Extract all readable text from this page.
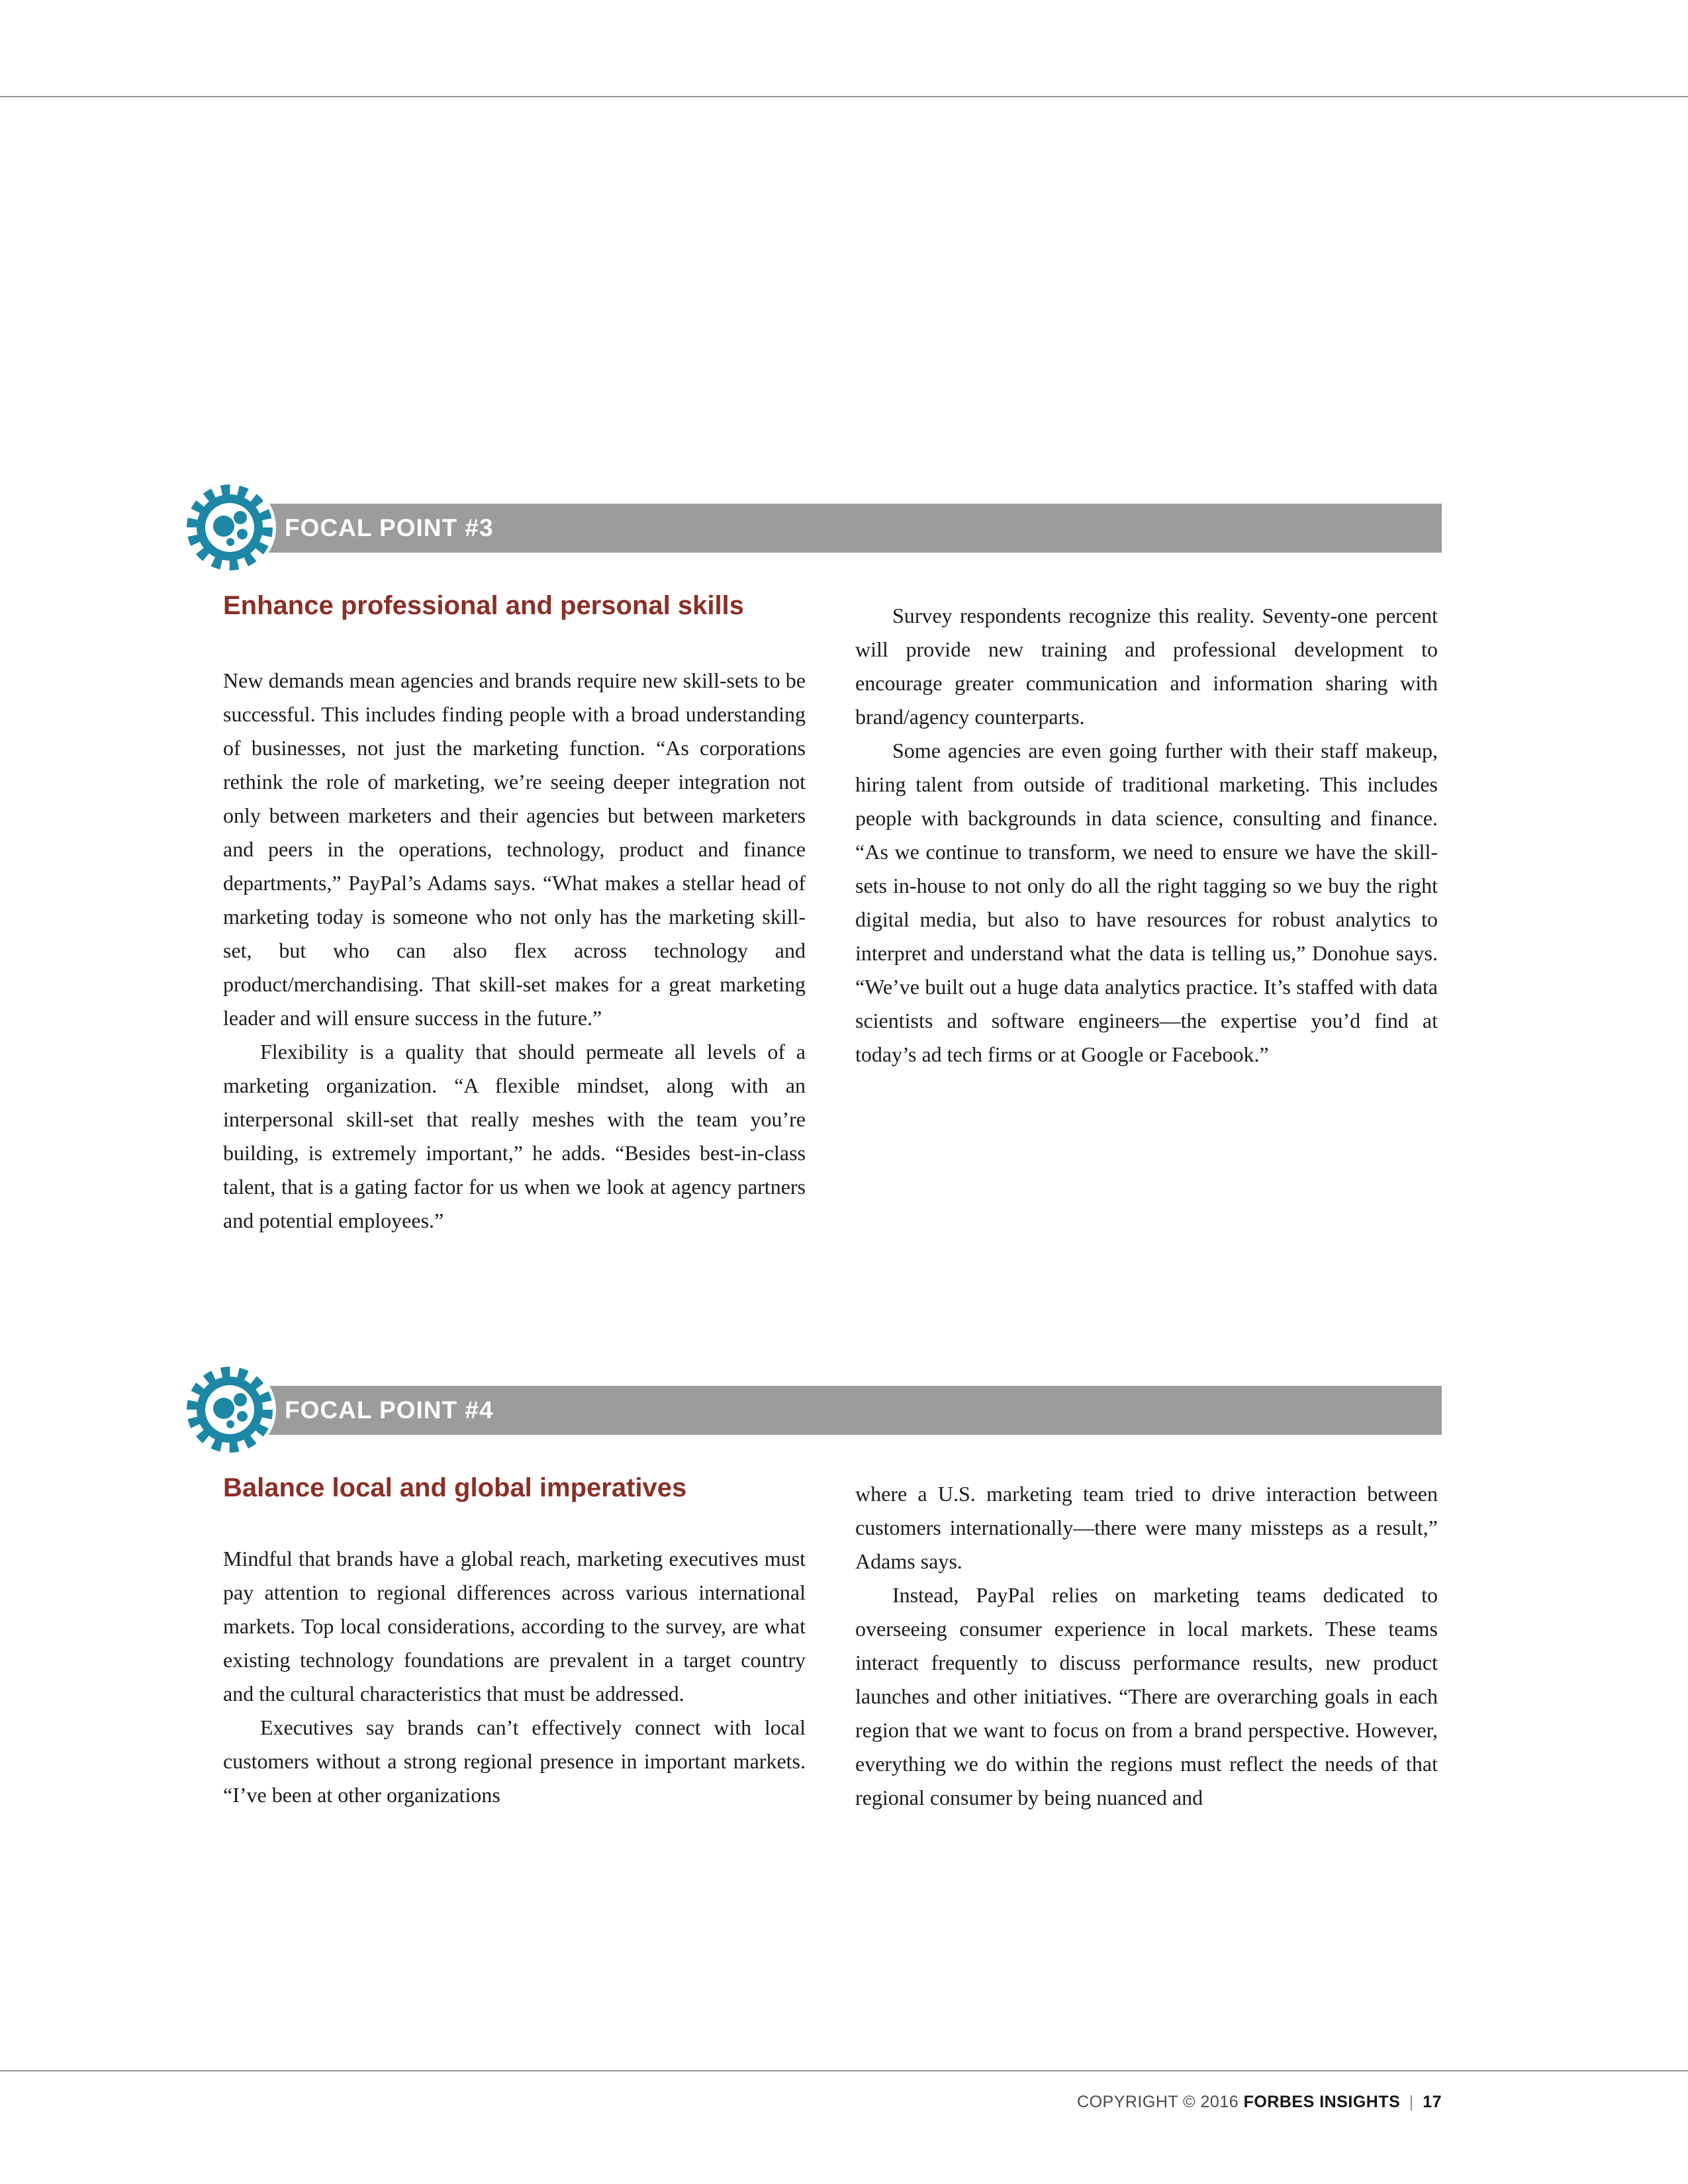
FOCAL POINT #3
Enhance professional and personal skills

New demands mean agencies and brands require new skill-sets to be successful. This includes finding people with a broad understanding of businesses, not just the marketing function. “As corporations rethink the role of marketing, we’re seeing deeper integration not only between marketers and their agencies but between marketers and peers in the operations, technology, product and finance departments,” PayPal’s Adams says. “What makes a stellar head of marketing today is someone who not only has the marketing skill-set, but who can also flex across technology and product/merchandising. That skill-set makes for a great marketing leader and will ensure success in the future.”

Flexibility is a quality that should permeate all levels of a marketing organization. “A flexible mindset, along with an interpersonal skill-set that really meshes with the team you’re building, is extremely important,” he adds. “Besides best-in-class talent, that is a gating factor for us when we look at agency partners and potential employees.”

Survey respondents recognize this reality. Seventy-one percent will provide new training and professional development to encourage greater communication and information sharing with brand/agency counterparts.

Some agencies are even going further with their staff makeup, hiring talent from outside of traditional marketing. This includes people with backgrounds in data science, consulting and finance. “As we continue to transform, we need to ensure we have the skill-sets in-house to not only do all the right tagging so we buy the right digital media, but also to have resources for robust analytics to interpret and understand what the data is telling us,” Donohue says. “We’ve built out a huge data analytics practice. It’s staffed with data scientists and software engineers—the expertise you’d find at today’s ad tech firms or at Google or Facebook.”

FOCAL POINT #4
Balance local and global imperatives

Mindful that brands have a global reach, marketing executives must pay attention to regional differences across various international markets. Top local considerations, according to the survey, are what existing technology foundations are prevalent in a target country and the cultural characteristics that must be addressed.

Executives say brands can’t effectively connect with local customers without a strong regional presence in important markets. “I’ve been at other organizations

where a U.S. marketing team tried to drive interaction between customers internationally—there were many missteps as a result,” Adams says.

Instead, PayPal relies on marketing teams dedicated to overseeing consumer experience in local markets. These teams interact frequently to discuss performance results, new product launches and other initiatives. “There are overarching goals in each region that we want to focus on from a brand perspective. However, everything we do within the regions must reflect the needs of that regional consumer by being nuanced and

COPYRIGHT © 2016 FORBES INSIGHTS | 17
